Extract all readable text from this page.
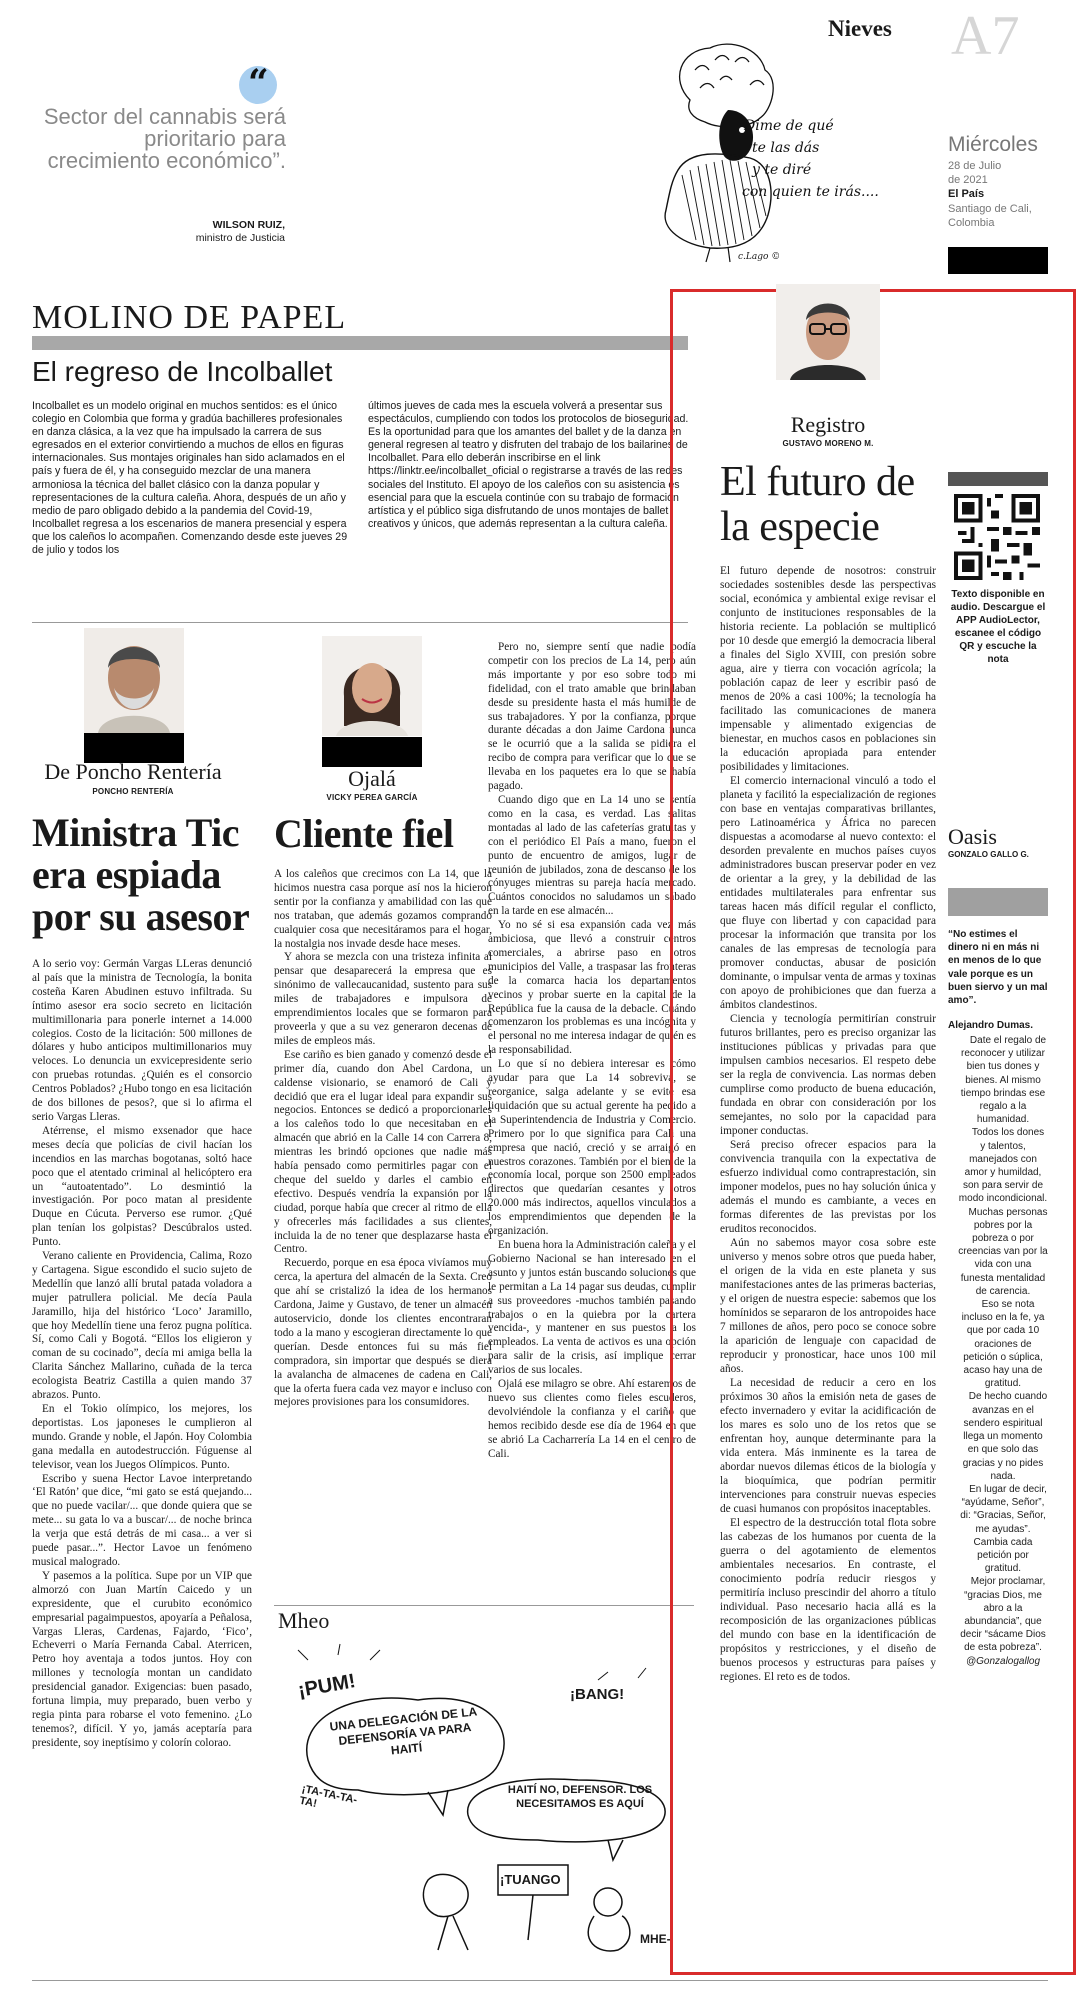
“
Sector del cannabis será prioritario para crecimiento económico”.
WILSON RUIZ,
ministro de Justicia
Nieves
Dime de qué
te las dás
y te diré
con quien te irás....
c.Lago ©
A7
Miércoles
28 de Julio
de 2021
El País
Santiago de Cali,
Colombia
MOLINO DE PAPEL
El regreso de Incolballet
Incolballet es un modelo original en muchos sentidos: es el único colegio en Colombia que forma y gradúa bachilleres profesionales en danza clásica, a la vez que ha impulsado la carrera de sus egresados en el exterior convirtiendo a muchos de ellos en figuras internacionales. Sus montajes originales han sido aclamados en el país y fuera de él, y ha conseguido mezclar de una manera armoniosa la técnica del ballet clásico con la danza popular y representaciones de la cultura caleña. Ahora, después de un año y medio de paro obligado debido a la pandemia del Covid-19, Incolballet regresa a los escenarios de manera presencial y espera que los caleños lo acompañen. Comenzando desde este jueves 29 de julio y todos los
últimos jueves de cada mes la escuela volverá a presentar sus espectáculos, cumpliendo con todos los protocolos de bioseguridad. Es la oportunidad para que los amantes del ballet y de la danza en general regresen al teatro y disfruten del trabajo de los bailarines de Incolballet. Para ello deberán inscribirse en el link https://linktr.ee/incolballet_oficial o registrarse a través de las redes sociales del Instituto. El apoyo de los caleños con su asistencia es esencial para que la escuela continúe con su trabajo de formación artística y el público siga disfrutando de unos montajes de ballet creativos y únicos, que además representan a la cultura caleña.
De Poncho Rentería
PONCHO RENTERÍA
Ministra Tic era espiada por su asesor

A lo serio voy: Germán Vargas LLeras denunció al país que la ministra de Tecnología, la bonita costeña Karen Abudinen estuvo infiltrada. Su íntimo asesor era socio secreto en licitación multimillonaria para ponerle internet a 14.000 colegios. Costo de la licitación: 500 millones de dólares y hubo anticipos multimillonarios muy veloces. Lo denuncia un exvicepresidente serio con pruebas rotundas. ¿Quién es el consorcio Centros Poblados? ¿Hubo tongo en esa licitación de dos billones de pesos?, que si lo afirma el serio Vargas Lleras.

Atérrense, el mismo exsenador que hace meses decía que policías de civil hacían los incendios en las marchas bogotanas, soltó hace poco que el atentado criminal al helicóptero era un “autoatentado”. Lo desmintió la investigación. Por poco matan al presidente Duque en Cúcuta. Perverso ese rumor. ¿Qué plan tenían los golpistas? Descúbralos usted. Punto.

Verano caliente en Providencia, Calima, Rozo y Cartagena. Sigue escondido el sucio sujeto de Medellín que lanzó allí brutal patada voladora a mujer patrullera policial. Me decía Paula Jaramillo, hija del histórico ‘Loco’ Jaramillo, que hoy Medellín tiene una feroz pugna política. Sí, como Cali y Bogotá. “Ellos los eligieron y coman de su cocinado”, decía mi amiga bella la Clarita Sánchez Mallarino, cuñada de la terca ecologista Beatriz Castilla a quien mando 37 abrazos. Punto.

En el Tokio olímpico, los mejores, los deportistas. Los japoneses le cumplieron al mundo. Grande y noble, el Japón. Hoy Colombia gana medalla en autodestrucción. Fúguense al televisor, vean los Juegos Olímpicos. Punto.

Escribo y suena Hector Lavoe interpretando ‘El Ratón’ que dice, “mi gato se está quejando... que no puede vacilar/... que donde quiera que se mete... su gata lo va a buscar/... de noche brinca la verja que está detrás de mi casa... a ver si puede pasar...”. Hector Lavoe un fenómeno musical malogrado.

Y pasemos a la política. Supe por un VIP que almorzó con Juan Martín Caicedo y un expresidente, que el curubito económico empresarial pagaimpuestos, apoyaría a Peñalosa, Vargas Lleras, Cardenas, Fajardo, ‘Fico’, Echeverri o María Fernanda Cabal. Aterricen, Petro hoy aventaja a todos juntos. Hoy con millones y tecnología montan un candidato presidencial ganador. Exigencias: buen pasado, fortuna limpia, muy preparado, buen verbo y regia pinta para robarse el voto femenino. ¿Lo tenemos?, difícil. Y yo, jamás aceptaría para presidente, soy ineptísimo y colorín colorao.

Ojalá
VICKY PEREA GARCÍA
Cliente fiel

A los caleños que crecimos con La 14, que la hicimos nuestra casa porque así nos la hicieron sentir por la confianza y amabilidad con las que nos trataban, que además gozamos comprando cualquier cosa que necesitáramos para el hogar, la nostalgia nos invade desde hace meses.

Y ahora se mezcla con una tristeza infinita al pensar que desaparecerá la empresa que es sinónimo de vallecaucanidad, sustento para sus miles de trabajadores e impulsora de emprendimientos locales que se formaron para proveerla y que a su vez generaron decenas de miles de empleos más.

Ese cariño es bien ganado y comenzó desde el primer día, cuando don Abel Cardona, un caldense visionario, se enamoró de Cali y decidió que era el lugar ideal para expandir sus negocios. Entonces se dedicó a proporcionarles a los caleños todo lo que necesitaban en el almacén que abrió en la Calle 14 con Carrera 8, mientras les brindó opciones que nadie más había pensado como permitirles pagar con el cheque del sueldo y darles el cambio en efectivo. Después vendría la expansión por la ciudad, porque había que crecer al ritmo de ella y ofrecerles más facilidades a sus clientes, incluida la de no tener que desplazarse hasta el Centro.

Recuerdo, porque en esa época vivíamos muy cerca, la apertura del almacén de la Sexta. Creo que ahí se cristalizó la idea de los hermanos Cardona, Jaime y Gustavo, de tener un almacén autoservicio, donde los clientes encontraran todo a la mano y escogieran directamente lo que querían. Desde entonces fui su más fiel compradora, sin importar que después se diera la avalancha de almacenes de cadena en Cali, que la oferta fuera cada vez mayor e incluso con mejores provisiones para los consumidores.

Pero no, siempre sentí que nadie podía competir con los precios de La 14, pero aún más importante y por eso sobre todo mi fidelidad, con el trato amable que brindaban desde su presidente hasta el más humilde de sus trabajadores. Y por la confianza, porque durante décadas a don Jaime Cardona nunca se le ocurrió que a la salida se pidiera el recibo de compra para verificar que lo que se llevaba en los paquetes era lo que se había pagado.

Cuando digo que en La 14 uno se sentía como en la casa, es verdad. Las salitas montadas al lado de las cafeterías gratuitas y con el periódico El País a mano, fueron el punto de encuentro de amigos, lugar de reunión de jubilados, zona de descanso de los cónyuges mientras su pareja hacía mercado. Cuántos conocidos no saludamos un sábado en la tarde en ese almacén...

Yo no sé si esa expansión cada vez más ambiciosa, que llevó a construir centros comerciales, a abrirse paso en otros municipios del Valle, a traspasar las fronteras de la comarca hacia los departamentos vecinos y probar suerte en la capital de la República fue la causa de la debacle. Cuándo comenzaron los problemas es una incógnita y el personal no me interesa indagar de quién es la responsabilidad.

Lo que sí no debiera interesar es cómo ayudar para que La 14 sobreviva, se reorganice, salga adelante y se evite esa liquidación que su actual gerente ha pedido a la Superintendencia de Industria y Comercio. Primero por lo que significa para Cali una empresa que nació, creció y se arraigó en nuestros corazones. También por el bien de la economía local, porque son 2500 empleados directos que quedarían cesantes y otros 20.000 más indirectos, aquellos vinculados a los emprendimientos que dependen de la organización.

En buena hora la Administración caleña y el Gobierno Nacional se han interesado en el asunto y juntos están buscando soluciones que le permitan a La 14 pagar sus deudas, cumplir a sus proveedores -muchos también pasando trabajos o en la quiebra por la cartera vencida-, y mantener en sus puestos a los empleados. La venta de activos es una opción para salir de la crisis, así implique cerrar varios de sus locales.

Ojalá ese milagro se obre. Ahí estaremos de nuevo sus clientes como fieles escuderos, devolviéndole la confianza y el cariño que hemos recibido desde ese día de 1964 en que se abrió La Cacharrería La 14 en el centro de Cali.

Mheo
¡PUM!	¡BANG!
¡TA-TA-TA-TA!
UNA DELEGACIÓN DE LA DEFENSORÍA VA PARA HAITÍ
HAITÍ NO, DEFENSOR. LOS NECESITAMOS ES AQUÍ
¡TUANGO
MHE-
Registro
GUSTAVO MORENO M.
El futuro de la especie

El futuro depende de nosotros: construir sociedades sostenibles desde las perspectivas social, económica y ambiental exige revisar el conjunto de instituciones responsables de la historia reciente. La población se multiplicó por 10 desde que emergió la democracia liberal a finales del Siglo XVIII, con presión sobre agua, aire y tierra con vocación agrícola; la población capaz de leer y escribir pasó de menos de 20% a casi 100%; la tecnología ha facilitado las comunicaciones de manera impensable y alimentado exigencias de bienestar, en muchos casos en poblaciones sin la educación apropiada para entender posibilidades y limitaciones.

El comercio internacional vinculó a todo el planeta y facilitó la especialización de regiones con base en ventajas comparativas brillantes, pero Latinoamérica y África no parecen dispuestas a acomodarse al nuevo contexto: el desorden prevalente en muchos países cuyos administradores buscan preservar poder en vez de orientar a la grey, y la debilidad de las entidades multilaterales para enfrentar sus tareas hacen más difícil regular el conflicto, que fluye con libertad y con capacidad para procesar la información que transita por los canales de las empresas de tecnología para promover conductas, abusar de posición dominante, o impulsar venta de armas y toxinas con apoyo de prohibiciones que dan fuerza a ámbitos clandestinos.

Ciencia y tecnología permitirían construir futuros brillantes, pero es preciso organizar las instituciones públicas y privadas para que impulsen cambios necesarios. El respeto debe ser la regla de convivencia. Las normas deben cumplirse como producto de buena educación, fundada en obrar con consideración por los semejantes, no solo por la capacidad para imponer conductas.

Será preciso ofrecer espacios para la convivencia tranquila con la expectativa de esfuerzo individual como contraprestación, sin imponer modelos, pues no hay solución única y además el mundo es cambiante, a veces en formas diferentes de las previstas por los eruditos reconocidos.

Aún no sabemos mayor cosa sobre este universo y menos sobre otros que pueda haber, el origen de la vida en este planeta y sus manifestaciones antes de las primeras bacterias, y el origen de nuestra especie: sabemos que los homínidos se separaron de los antropoides hace 7 millones de años, pero poco se conoce sobre la aparición de lenguaje con capacidad de reproducir y pronosticar, hace unos 100 mil años.

La necesidad de reducir a cero en los próximos 30 años la emisión neta de gases de efecto invernadero y evitar la acidificación de los mares es solo uno de los retos que se enfrentan hoy, aunque determinante para la vida entera. Más inminente es la tarea de abordar nuevos dilemas éticos de la biología y la bioquímica, que podrían permitir intervenciones para construir nuevas especies de cuasi humanos con propósitos inaceptables.

El espectro de la destrucción total flota sobre las cabezas de los humanos por cuenta de la guerra o del agotamiento de elementos ambientales necesarios. En contraste, el conocimiento podría reducir riesgos y permitiría incluso prescindir del ahorro a título individual. Paso necesario hacia allá es la recomposición de las organizaciones públicas del mundo con base en la identificación de propósitos y restricciones, y el diseño de buenos procesos y estructuras para países y regiones. El reto es de todos.

Texto disponible en audio. Descargue el APP AudioLector, escanee el código QR y escuche la nota
Oasis
GONZALO GALLO G.
“No estimes el dinero ni en más ni en menos de lo que vale porque es un buen siervo y un mal amo”.
Alejandro Dumas.

Date el regalo de reconocer y utilizar bien tus dones y bienes. Al mismo tiempo brindas ese regalo a la humanidad.

Todos los dones y talentos, manejados con amor y humildad, son para servir de modo incondicional.

Muchas personas pobres por la pobreza o por creencias van por la vida con una funesta mentalidad de carencia.

Eso se nota incluso en la fe, ya que por cada 10 oraciones de petición o súplica, acaso hay una de gratitud.

De hecho cuando avanzas en el sendero espiritual llega un momento en que solo das gracias y no pides nada.

En lugar de decir, “ayúdame, Señor”, di: “Gracias, Señor, me ayudas”. Cambia cada petición por gratitud.

Mejor proclamar, “gracias Dios, me abro a la abundancia”, que decir “sácame Dios de esta pobreza”.

@Gonzalogallog
